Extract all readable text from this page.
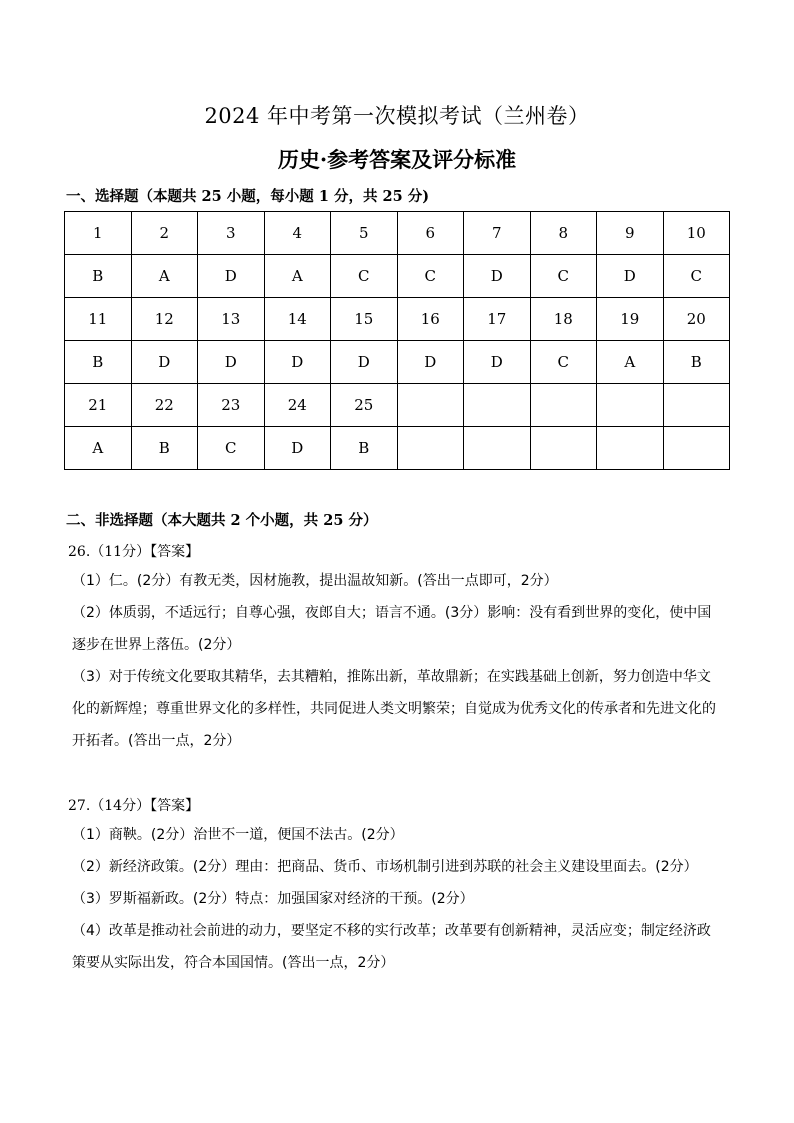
2024 年中考第一次模拟考试（兰州卷）
历史·参考答案及评分标准
一、选择题（本题共 25 小题，每小题 1 分，共 25 分)
1	2	3	4	5	6	7	8	9	10
B	A	D	A	C	C	D	C	D	C
11	12	13	14	15	16	17	18	19	20
B	D	D	D	D	D	D	C	A	B
21	22	23	24	25					
A	B	C	D	B					
二、非选择题（本大题共 2 个小题，共 25 分）
26.（11分）【答案】
（1）仁。(2分）有教无类，因材施教，提出温故知新。(答出一点即可，2分）
（2）体质弱，不适远行；自尊心强，夜郎自大；语言不通。(3分）影响：没有看到世界的变化，使中国逐步在世界上落伍。(2分）
（3）对于传统文化要取其精华，去其糟粕，推陈出新，革故鼎新；在实践基础上创新，努力创造中华文化的新辉煌；尊重世界文化的多样性，共同促进人类文明繁荣；自觉成为优秀文化的传承者和先进文化的开拓者。(答出一点，2分）
27.（14分）【答案】
（1）商鞅。(2分）治世不一道，便国不法古。(2分）
（2）新经济政策。(2分）理由：把商品、货币、市场机制引进到苏联的社会主义建设里面去。(2分）
（3）罗斯福新政。(2分）特点：加强国家对经济的干预。(2分）
（4）改革是推动社会前进的动力，要坚定不移的实行改革；改革要有创新精神，灵活应变；制定经济政策要从实际出发，符合本国国情。(答出一点，2分）
